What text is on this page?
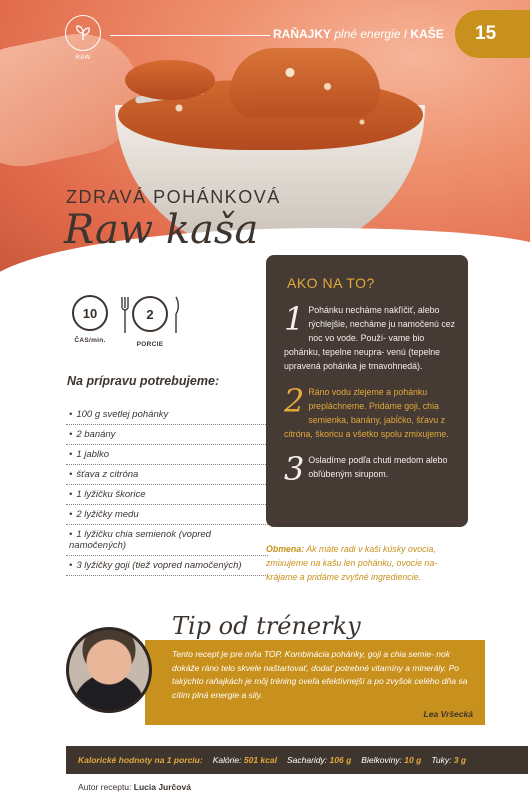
RAW
RAŇAJKY plné energie I KAŠE	15
ZDRAVÁ POHÁNKOVÁ
Raw kaša
10
ČAS/min.
2
PORCIE
Na prípravu potrebujeme:
• 100 g svetlej pohánky
• 2 banány
• 1 jablko
• šťava z citróna
• 1 lyžičku škorice
• 2 lyžičky medu
• 1 lyžičku chia semienok (vopred namočených)
• 3 lyžičky goji (tiež vopred namočených)
AKO NA TO?
1 Pohánku necháme nakľíčiť, alebo rýchlejšie, necháme ju namočenú cez noc vo vode. Použí- vame bio pohánku, tepelne neupra- venú (tepelne upravená pohánka je tmavohnedá).
2 Ráno vodu zlejeme a pohánku prepláchneme. Pridáme goji, chia semienka, banány, jabĺčko, šťavu z citróna, škoricu a všetko spolu zmixujeme.
3 Osladíme podľa chuti medom alebo obľúbeným sirupom.
Obmena: Ak máte radi v kaši kúsky ovocia, zmixujeme na kašu len pohánku, ovocie na- krájame a pridáme zvyšné ingrediencie.
Tento recept je pre mňa TOP. Kombinácia pohánky, goji a chia semie- nok dokáže ráno telo skvele naštartovať, dodať potrebné vitamíny a minerály. Po takýchto raňajkách je môj tréning oveľa efektívnejší a po zvyšok celého dňa sa cítim plná energie a sily.
Lea Vršecká
Tip od trénerky
Kalorické hodnoty na 1 porciu: Kalórie: 501 kcal Sacharidy: 106 g Bielkoviny: 10 g Tuky: 3 g
Autor receptu: Lucia Jurčová
